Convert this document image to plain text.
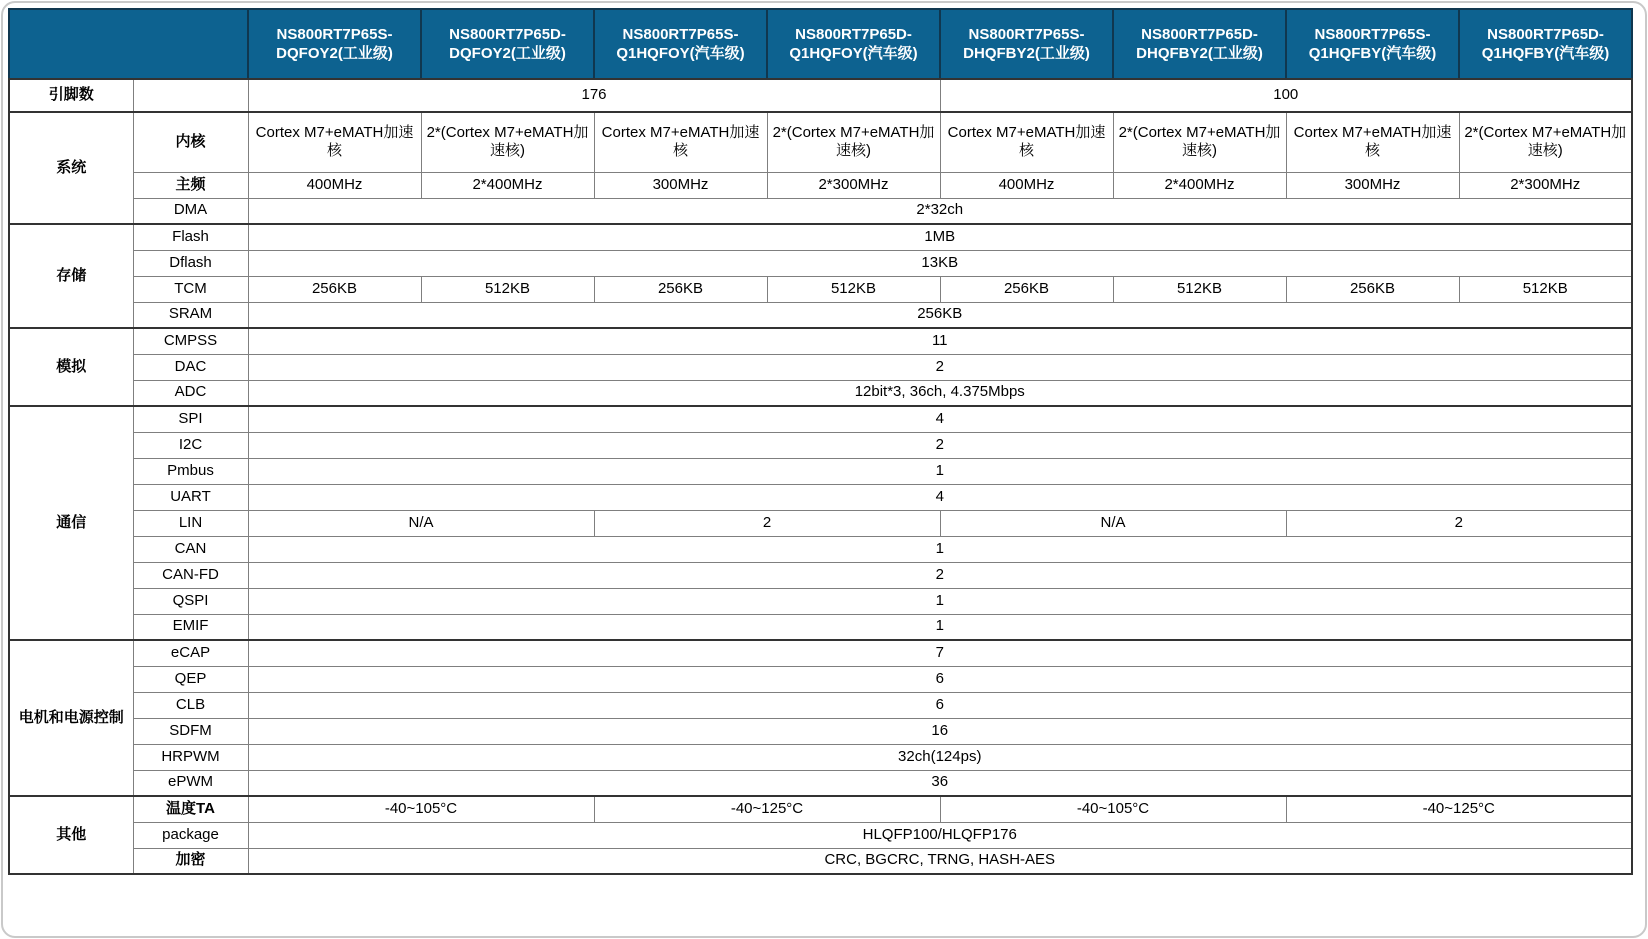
		NS800RT7P65S-DQFOY2(工业级)	NS800RT7P65D-DQFOY2(工业级)	NS800RT7P65S-Q1HQFOY(汽车级)	NS800RT7P65D-Q1HQFOY(汽车级)	NS800RT7P65S-DHQFBY2(工业级)	NS800RT7P65D-DHQFBY2(工业级)	NS800RT7P65S-Q1HQFBY(汽车级)	NS800RT7P65D-Q1HQFBY(汽车级)
引脚数		176				100			
系统	内核	Cortex M7+eMATH加速核	2*(Cortex M7+eMATH加速核)	Cortex M7+eMATH加速核	2*(Cortex M7+eMATH加速核)	Cortex M7+eMATH加速核	2*(Cortex M7+eMATH加速核)	Cortex M7+eMATH加速核	2*(Cortex M7+eMATH加速核)
	主频	400MHz	2*400MHz	300MHz	2*300MHz	400MHz	2*400MHz	300MHz	2*300MHz
	DMA	2*32ch							
存储	Flash	1MB							
	Dflash	13KB							
	TCM	256KB	512KB	256KB	512KB	256KB	512KB	256KB	512KB
	SRAM	256KB							
模拟	CMPSS	11							
	DAC	2							
	ADC	12bit*3, 36ch, 4.375Mbps							
通信	SPI	4							
	I2C	2							
	Pmbus	1							
	UART	4							
	LIN	N/A		2		N/A		2	
	CAN	1							
	CAN-FD	2							
	QSPI	1							
	EMIF	1							
电机和电源控制	eCAP	7							
	QEP	6							
	CLB	6							
	SDFM	16							
	HRPWM	32ch(124ps)							
	ePWM	36							
其他	温度TA	-40~105°C		-40~125°C		-40~105°C		-40~125°C	
	package	HLQFP100/HLQFP176							
	加密	CRC, BGCRC, TRNG, HASH-AES							
